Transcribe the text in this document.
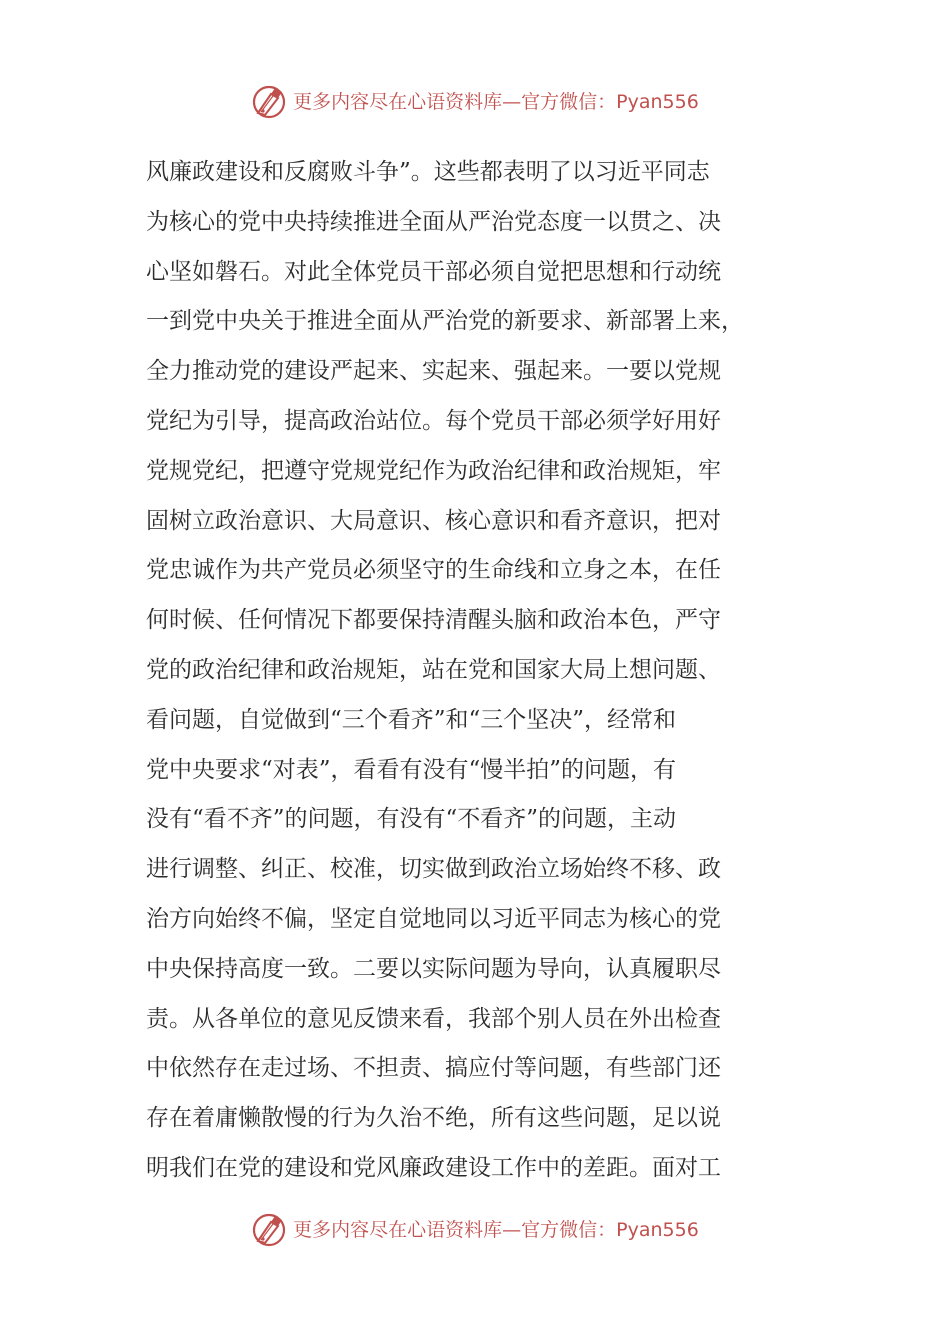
更多内容尽在心语资料库—官方微信： Pyan556
风廉政建设和反腐败斗争”。这些都表明了以习近平同志
为核心的党中央持续推进全面从严治党态度一以贯之、决
心坚如磐石。对此全体党员干部必须自觉把思想和行动统
一到党中央关于推进全面从严治党的新要求、新部署上来，
全力推动党的建设严起来、实起来、强起来。一要以党规
党纪为引导，提高政治站位。每个党员干部必须学好用好
党规党纪，把遵守党规党纪作为政治纪律和政治规矩，牢
固树立政治意识、大局意识、核心意识和看齐意识，把对
党忠诚作为共产党员必须坚守的生命线和立身之本，在任
何时候、任何情况下都要保持清醒头脑和政治本色，严守
党的政治纪律和政治规矩，站在党和国家大局上想问题、
看问题，自觉做到“三个看齐”和“三个坚决”，经常和
党中央要求“对表”，看看有没有“慢半拍”的问题，有
没有“看不齐”的问题，有没有“不看齐”的问题，主动
进行调整、纠正、校准，切实做到政治立场始终不移、政
治方向始终不偏，坚定自觉地同以习近平同志为核心的党
中央保持高度一致。二要以实际问题为导向，认真履职尽
责。从各单位的意见反馈来看，我部个别人员在外出检查
中依然存在走过场、不担责、搞应付等问题，有些部门还
存在着庸懒散慢的行为久治不绝，所有这些问题，足以说
明我们在党的建设和党风廉政建设工作中的差距。面对工
更多内容尽在心语资料库—官方微信： Pyan556
